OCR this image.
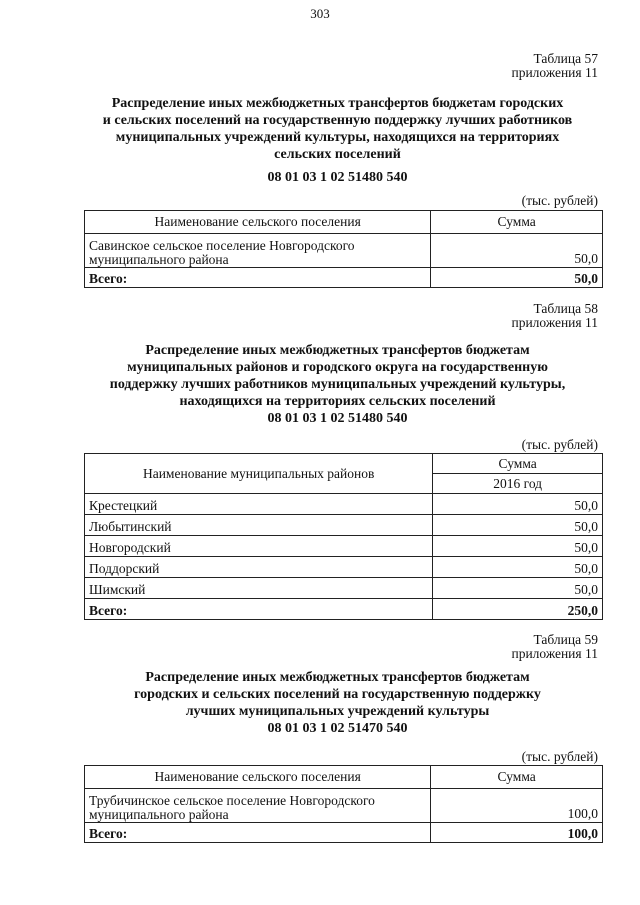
303
Таблица 57
приложения 11
Распределение иных межбюджетных трансфертов бюджетам городских
и сельских поселений на государственную поддержку лучших работников
муниципальных учреждений культуры, находящихся на территориях
сельских поселений
08 01 03 1 02 51480 540
(тыс. рублей)
Наименование сельского поселения	Сумма
Савинское сельское поселение Новгородского муниципального района	50,0
Всего:	50,0
Таблица 58
приложения 11
Распределение иных межбюджетных трансфертов бюджетам
муниципальных районов и городского округа на государственную
поддержку лучших работников муниципальных учреждений культуры,
находящихся на территориях сельских поселений
08 01 03 1 02 51480 540
(тыс. рублей)
Наименование муниципальных районов	Сумма
	2016 год
Крестецкий	50,0
Любытинский	50,0
Новгородский	50,0
Поддорский	50,0
Шимский	50,0
Всего:	250,0
Таблица 59
приложения 11
Распределение иных межбюджетных трансфертов бюджетам
городских и сельских поселений на государственную поддержку
лучших муниципальных учреждений культуры
08 01 03 1 02 51470 540
(тыс. рублей)
Наименование сельского поселения	Сумма
Трубичинское сельское поселение Новгородского муниципального района	100,0
Всего:	100,0
